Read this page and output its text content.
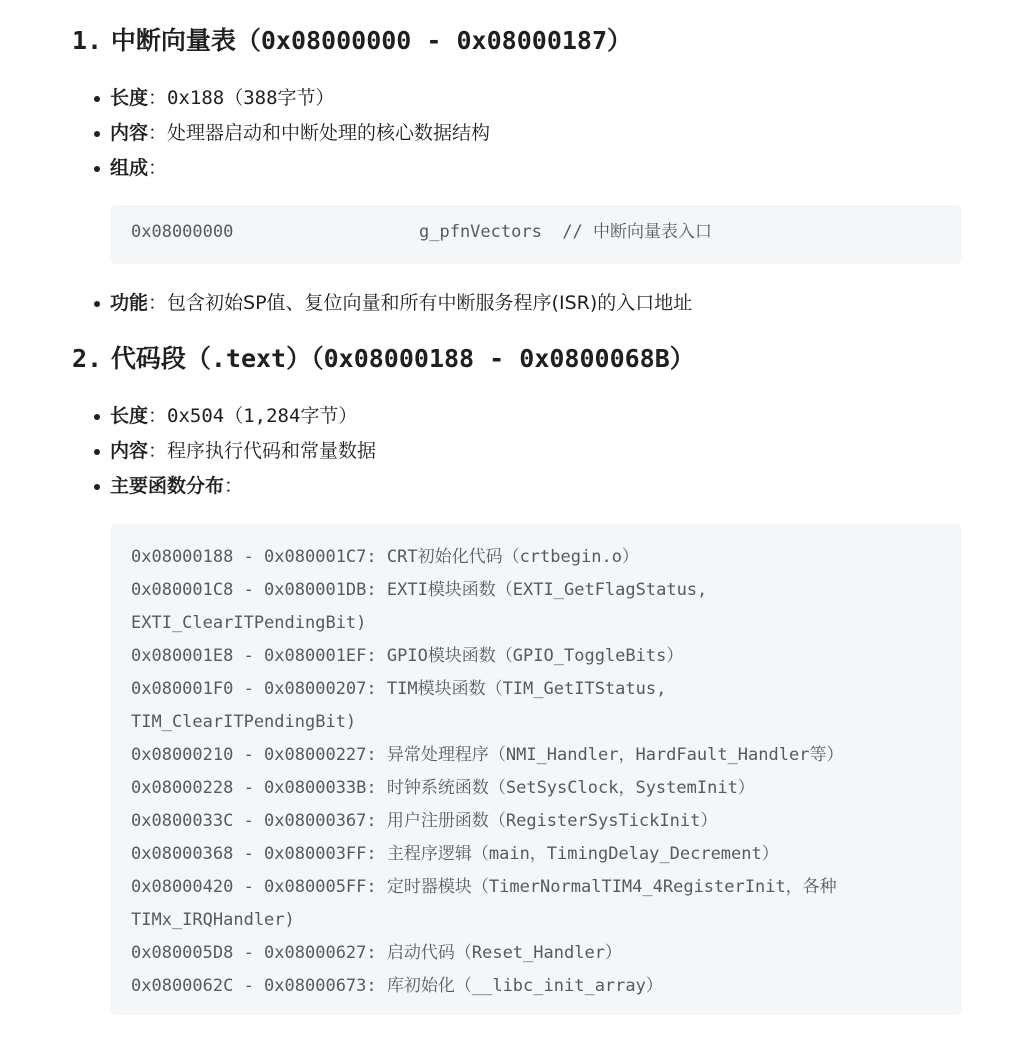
1. 中断向量表（0x08000000 - 0x08000187）
长度：0x188（388字节）
内容：处理器启动和中断处理的核心数据结构
组成：
0x08000000	g_pfnVectors // 中断向量表入口
功能：包含初始SP值、复位向量和所有中断服务程序(ISR)的入口地址
2. 代码段（.text）（0x08000188 - 0x0800068B）
长度：0x504（1,284字节）
内容：程序执行代码和常量数据
主要函数分布：
0x08000188 - 0x080001C7: CRT初始化代码（crtbegin.o）
0x080001C8 - 0x080001DB: EXTI模块函数（EXTI_GetFlagStatus,
EXTI_ClearITPendingBit)
0x080001E8 - 0x080001EF: GPIO模块函数（GPIO_ToggleBits）
0x080001F0 - 0x08000207: TIM模块函数（TIM_GetITStatus,
TIM_ClearITPendingBit)
0x08000210 - 0x08000227: 异常处理程序（NMI_Handler，HardFault_Handler等）
0x08000228 - 0x0800033B: 时钟系统函数（SetSysClock，SystemInit）
0x0800033C - 0x08000367: 用户注册函数（RegisterSysTickInit）
0x08000368 - 0x080003FF: 主程序逻辑（main，TimingDelay_Decrement）
0x08000420 - 0x080005FF: 定时器模块（TimerNormalTIM4_4RegisterInit，各种
TIMx_IRQHandler)
0x080005D8 - 0x08000627: 启动代码（Reset_Handler）
0x0800062C - 0x08000673: 库初始化（__libc_init_array）
